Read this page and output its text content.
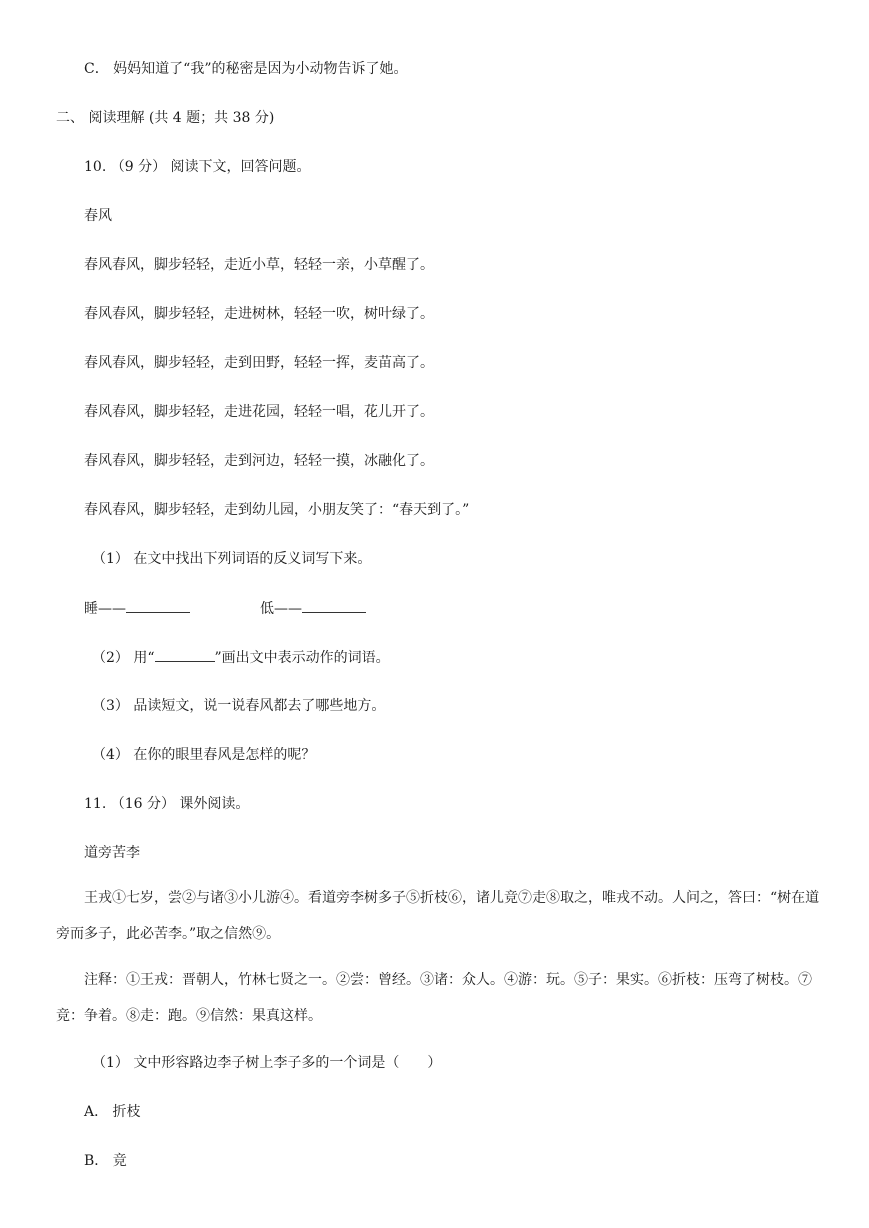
C． 妈妈知道了“我”的秘密是因为小动物告诉了她。
二、 阅读理解 (共 4 题；共 38 分)
10. （9 分） 阅读下文，回答问题。
春风
春风春风，脚步轻轻，走近小草，轻轻一亲，小草醒了。
春风春风，脚步轻轻，走进树林，轻轻一吹，树叶绿了。
春风春风，脚步轻轻，走到田野，轻轻一挥，麦苗高了。
春风春风，脚步轻轻，走进花园，轻轻一唱，花儿开了。
春风春风，脚步轻轻，走到河边，轻轻一摸，冰融化了。
春风春风，脚步轻轻，走到幼儿园，小朋友笑了：“春天到了。”
（1） 在文中找出下列词语的反义词写下来。
睡——	低——
（2） 用“	”画出文中表示动作的词语。
（3） 品读短文，说一说春风都去了哪些地方。
（4） 在你的眼里春风是怎样的呢？
11. （16 分） 课外阅读。
道旁苦李
王戎①七岁，尝②与诸③小儿游④。看道旁李树多子⑤折枝⑥，诸儿竞⑦走⑧取之，唯戎不动。人问之，答曰：“树在道旁而多子，此必苦李。”取之信然⑨。
注释：①王戎：晋朝人，竹林七贤之一。②尝：曾经。③诸：众人。④游：玩。⑤子：果实。⑥折枝：压弯了树枝。⑦竞：争着。⑧走：跑。⑨信然：果真这样。
（1） 文中形容路边李子树上李子多的一个词是（　　）
A． 折枝
B． 竞
